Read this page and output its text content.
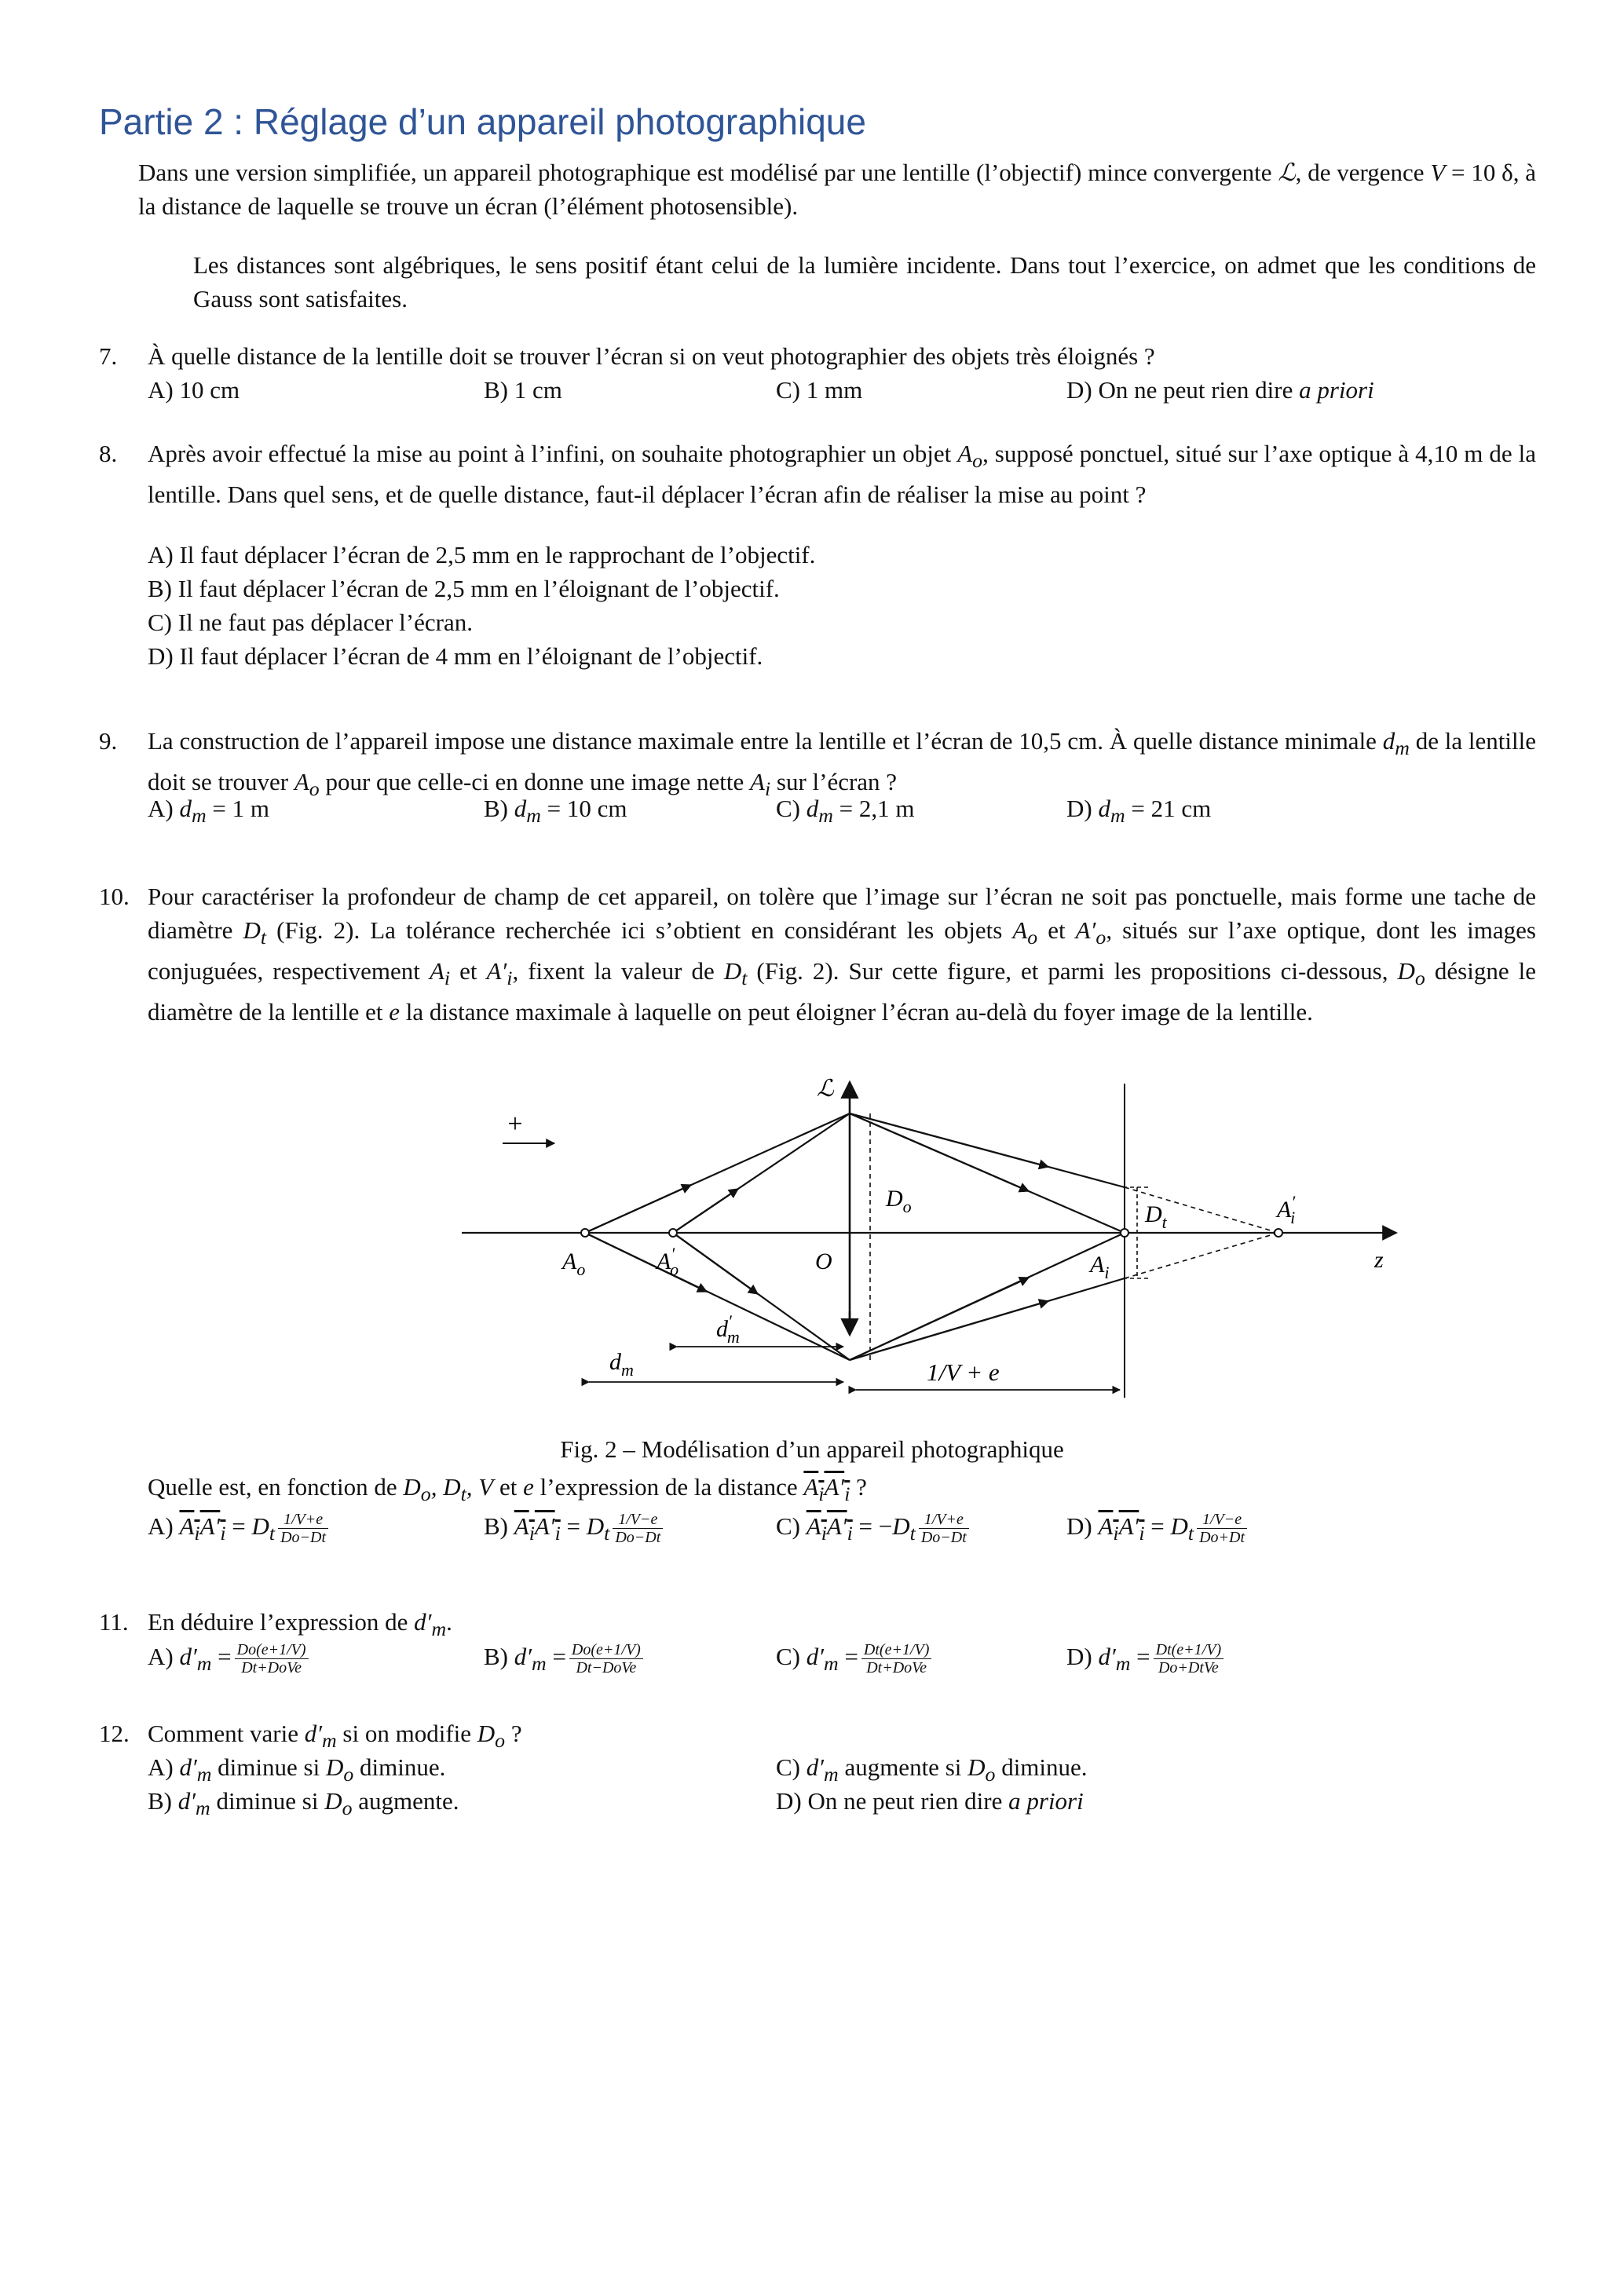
Partie 2 : Réglage d’un appareil photographique
Dans une version simplifiée, un appareil photographique est modélisé par une lentille (l’objectif) mince convergente ℒ, de vergence V = 10 δ, à la distance de laquelle se trouve un écran (l’élément photosensible).
Les distances sont algébriques, le sens positif étant celui de la lumière incidente. Dans tout l’exercice, on admet que les conditions de Gauss sont satisfaites.
7. À quelle distance de la lentille doit se trouver l’écran si on veut photographier des objets très éloignés ?
A) 10 cm	B) 1 cm	C) 1 mm	D) On ne peut rien dire a priori
8. Après avoir effectué la mise au point à l’infini, on souhaite photographier un objet $A_o$, supposé ponctuel, situé sur l’axe optique à 4,10 m de la lentille. Dans quel sens, et de quelle distance, faut-il déplacer l’écran afin de réaliser la mise au point ?
A) Il faut déplacer l’écran de 2,5 mm en le rapprochant de l’objectif.
B) Il faut déplacer l’écran de 2,5 mm en l’éloignant de l’objectif.
C) Il ne faut pas déplacer l’écran.
D) Il faut déplacer l’écran de 4 mm en l’éloignant de l’objectif.
9. La construction de l’appareil impose une distance maximale entre la lentille et l’écran de 10,5 cm. À quelle distance minimale $d_m$ de la lentille doit se trouver $A_o$ pour que celle-ci en donne une image nette $A_i$ sur l’écran ?
A) $d_m = 1$ m	B) $d_m = 10$ cm	C) $d_m = 2,1$ m	D) $d_m = 21$ cm
10. Pour caractériser la profondeur de champ de cet appareil, on tolère que l’image sur l’écran ne soit pas ponctuelle, mais forme une tache de diamètre $D_t$ (Fig. 2). La tolérance recherchée ici s’obtient en considérant les objets $A_o$ et $A'_o$, situés sur l’axe optique, dont les images conjuguées, respectivement $A_i$ et $A'_i$, fixent la valeur de $D_t$ (Fig. 2). Sur cette figure, et parmi les propositions ci-dessous, $D_o$ désigne le diamètre de la lentille et e la distance maximale à laquelle on peut éloigner l’écran au-delà du foyer image de la lentille.
+
ℒ
$D_o$	$D_t$
$A_o$	A′ o	O	$A_i$
A′ i
z
d′ m
$d_m$	1/V + e
Fig. 2 – Modélisation d’un appareil photographique
Quelle est, en fonction de $D_o$, $D_t$, V et e l’expression de la distance $A_iA'_i$ ?
A) $A_iA'_i = D_t \frac{1/V+e}{Do-Dt}$	B) $A_iA'_i = D_t \frac{1/V-e}{Do-Dt}$	C) $A_iA'_i = -D_t \frac{1/V+e}{Do-Dt}$	D) $A_iA'_i = D_t \frac{1/V-e}{Do+Dt}$
11. En déduire l’expression de $d'_m$.
A) $d'_m = \frac{Do(e+1/V)}{\text{Dt+DoVe}}$	B) $d'_m = \frac{Do(e+1/V)}{\text{Dt−DoVe}}$	C) $d'_m = \frac{Dt(e+1/V)}{\text{Dt+DoVe}}$	D) $d'_m = \frac{Dt(e+1/V)}{\text{Do+DtVe}}$
12. Comment varie $d'_m$ si on modifie $D_o$ ?
A) $d'_m$ diminue si $D_o$ diminue.
B) $d'_m$ diminue si $D_o$ augmente.
C) $d'_m$ augmente si $D_o$ diminue.
D) On ne peut rien dire a priori
